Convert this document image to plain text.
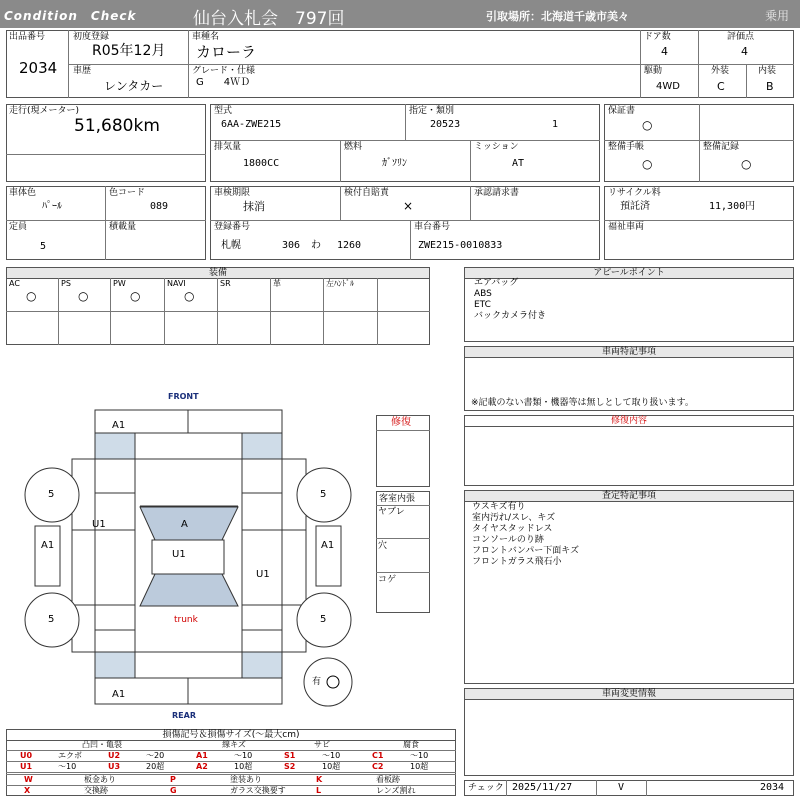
Condition　Check	仙台入札会　797回	引取場所：北海道千歳市美々	乗用
出品番号
2034
初度登録
R05年12月
車種名
カローラ
ドア数
4
評価点
4
車歴
レンタカー
グレード・仕様
G　　4ＷＤ
駆動
4WD
外装
C
内装
B
走行(現メーター)
51,680km
型式
6AA-ZWE215
指定・類別
20523	1
排気量
1800CC
燃料
ｶﾞｿﾘﾝ
ミッション
AT
保証書
○
整備手帳
○
整備記録
○
車体色
ﾊﾟｰﾙ
色コード
089
定員
5
積載量
車検期限
抹消
検付自賠責
×
承認請求書
登録番号
札幌	306 わ 1260
車台番号
ZWE215-0010833
リサイクル料
預託済	11,300円
福祉車両
装備
AC
○
PS
○
PW
○
NAVI
○
SR	革	左ﾊﾝﾄﾞﾙ
アピールポイント
エアバッグ
ABS
ETC
バックカメラ付き
車両特記事項
※記載のない書類・機器等は無しとして取り扱います。
修復内容
査定特記事項
ウスキズ有り
室内汚れ/スレ、キズ
タイヤスタッドレス
コンソールのり跡
フロントバンパー下面キズ
フロントガラス飛石小
車両変更情報
チェック 2025/11/27	V	2034
FRONT
REAR
A1
5	5
U1	A
A1	A1
U1
U1
5	5
trunk
A1
有
修復
客室内張
ヤブレ
穴
コゲ
損傷記号＆損傷サイズ(～最大cm)
凸凹・亀裂	線キズ	サビ	腐食
U0	エクボ	U2	～20	A1	～10	S1	～10	C1	～10
U1	～10	U3	20超	A2	10超	S2	10超	C2	10超
W	板金あり	P	塗装あり	K	看板跡
X	交換跡	G	ガラス交換要す	L	レンズ割れ
